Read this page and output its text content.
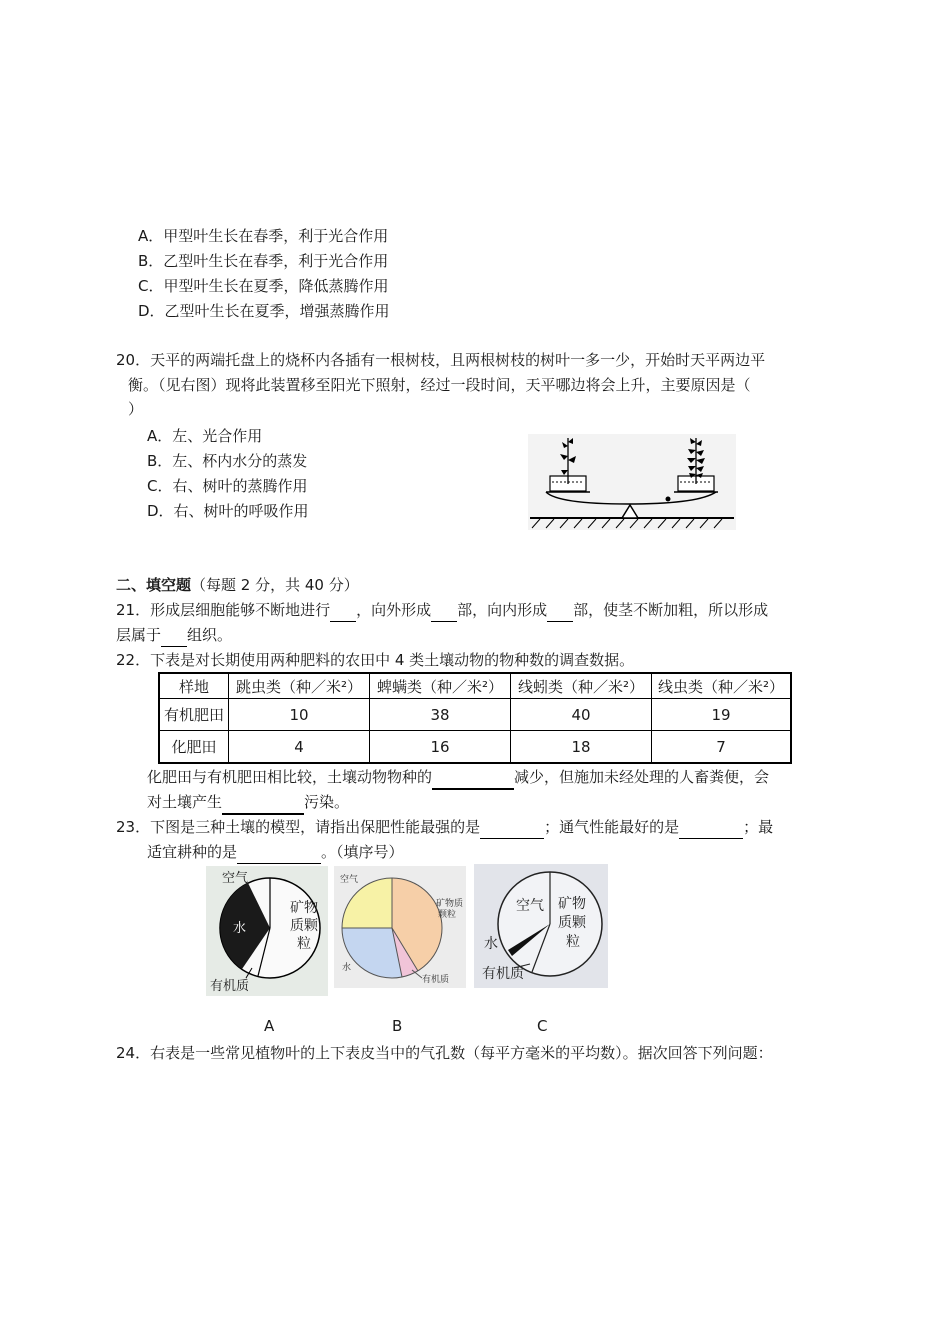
A．甲型叶生长在春季，利于光合作用
B．乙型叶生长在春季，利于光合作用
C．甲型叶生长在夏季，降低蒸腾作用
D．乙型叶生长在夏季，增强蒸腾作用
20．天平的两端托盘上的烧杯内各插有一根树枝，且两根树枝的树叶一多一少，开始时天平两边平
衡。（见右图）现将此装置移至阳光下照射，经过一段时间，天平哪边将会上升，主要原因是（
）
A．左、光合作用
B．左、杯内水分的蒸发
C．右、树叶的蒸腾作用
D．右、树叶的呼吸作用
二、填空题（每题 2 分，共 40 分）
21．形成层细胞能够不断地进行 ，向外形成 部，向内形成 部，使茎不断加粗，所以形成
层属于 组织。
22．下表是对长期使用两种肥料的农田中 4 类土壤动物的物种数的调查数据。
样地	跳虫类（种／米²）	蜱螨类（种／米²）	线蚓类（种／米²）	线虫类（种／米²）
有机肥田	10	38	40	19
化肥田	4	16	18	7
化肥田与有机肥田相比较，土壤动物物种的	减少，但施加未经处理的人畜粪便，会
对土壤产生	污染。
23．下图是三种土壤的模型，请指出保肥性能最强的是	；通气性能最好的是	；最
适宜耕种的是	。（填序号）
空气
水
矿物
质颗
粒
有机质
空气
矿物质
颗粒
水
有机质
空气 矿物
质颗
粒
水
有机质
A	B	C
24．右表是一些常见植物叶的上下表皮当中的气孔数（每平方毫米的平均数）。据次回答下列问题：
